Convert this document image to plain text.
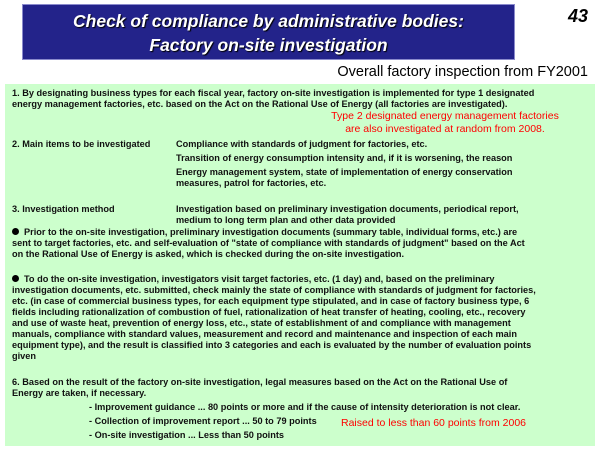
Check of compliance by administrative bodies:
Factory on-site investigation
43
Overall factory inspection from FY2001
1. By designating business types for each fiscal year, factory on-site investigation is implemented for type 1 designated
energy management factories, etc. based on the Act on the Rational Use of Energy (all factories are investigated).
Type 2 designated energy management factories
are also investigated at random from 2008.
2. Main items to be investigated	Compliance with standards of judgment for factories, etc.
Transition of energy consumption intensity and, if it is worsening, the reason
Energy management system, state of implementation of energy conservation
measures, patrol for factories, etc.
3. Investigation method	Investigation based on preliminary investigation documents, periodical report,
medium to long term plan and other data provided
Prior to the on-site investigation, preliminary investigation documents (summary table, individual forms, etc.) are
sent to target factories, etc. and self-evaluation of "state of compliance with standards of judgment" based on the Act
on the Rational Use of Energy is asked, which is checked during the on-site investigation.
To do the on-site investigation, investigators visit target factories, etc. (1 day) and, based on the preliminary
investigation documents, etc. submitted, check mainly the state of compliance with standards of judgment for factories,
etc. (in case of commercial business types, for each equipment type stipulated, and in case of factory business type, 6
fields including rationalization of combustion of fuel, rationalization of heat transfer of heating, cooling, etc., recovery
and use of waste heat, prevention of energy loss, etc., state of establishment of and compliance with management
manuals, compliance with standard values, measurement and record and maintenance and inspection of each main
equipment type), and the result is classified into 3 categories and each is evaluated by the number of evaluation points
given
6. Based on the result of the factory on-site investigation, legal measures based on the Act on the Rational Use of
Energy are taken, if necessary.
- Improvement guidance ... 80 points or more and if the cause of intensity deterioration is not clear.
- Collection of improvement report ... 50 to 79 points
- On-site investigation ... Less than 50 points
Raised to less than 60 points from 2006
